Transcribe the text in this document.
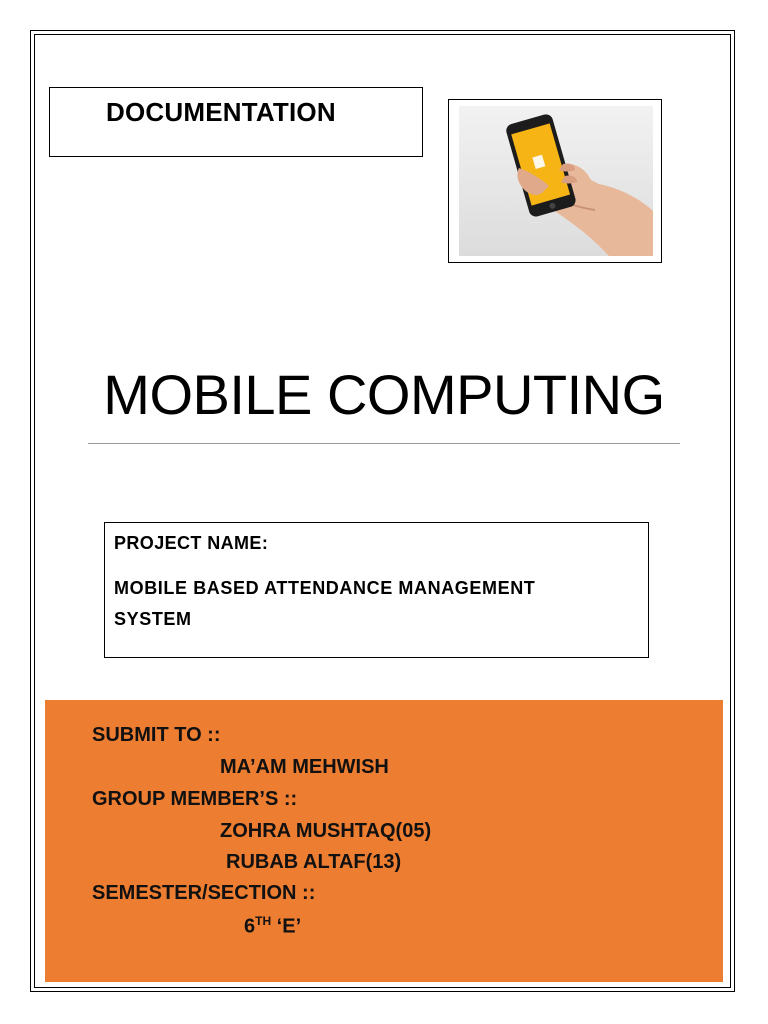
DOCUMENTATION
MOBILE COMPUTING
PROJECT NAME:
MOBILE BASED ATTENDANCE MANAGEMENT
SYSTEM
SUBMIT TO ::
MA’AM MEHWISH
GROUP MEMBER’S ::
ZOHRA MUSHTAQ(05)
RUBAB ALTAF(13)
SEMESTER/SECTION ::
6TH ‘E’
